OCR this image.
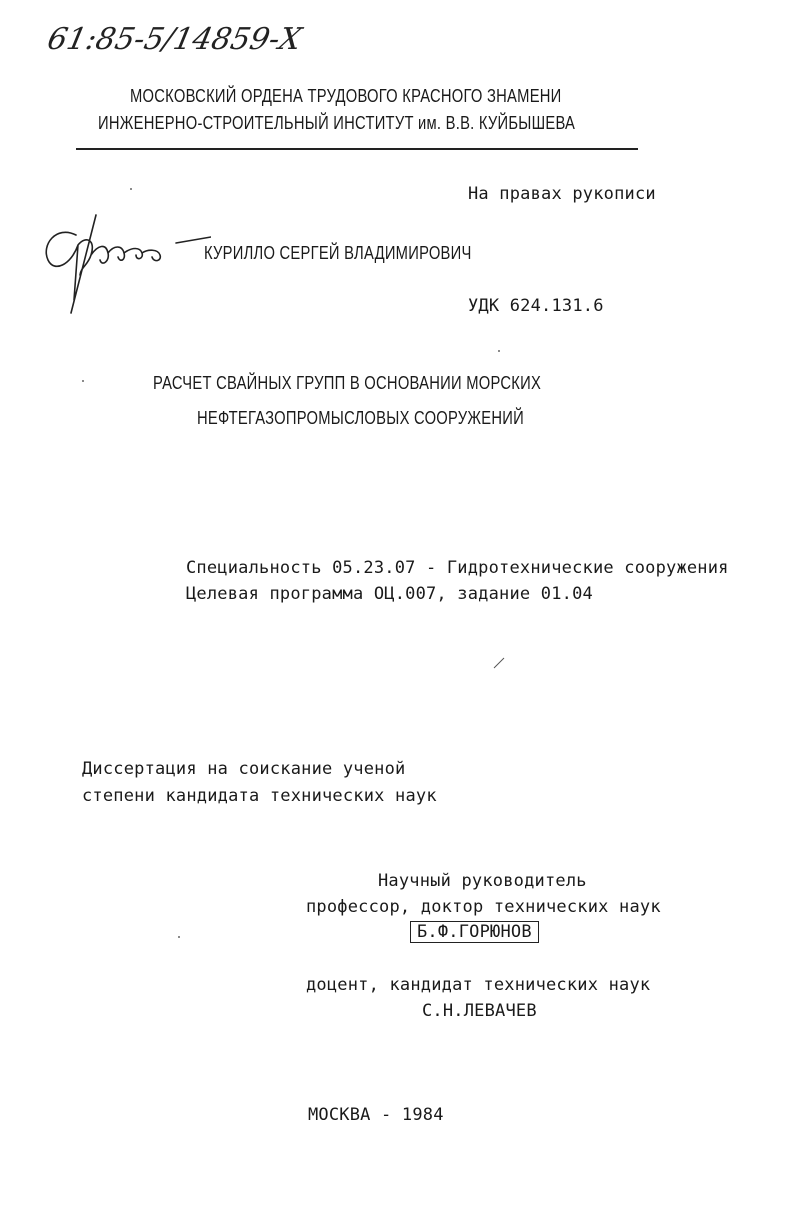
61:85-5/14859-Х
МОСКОВСКИЙ ОРДЕНА ТРУДОВОГО КРАСНОГО ЗНАМЕНИ
ИНЖЕНЕРНО-СТРОИТЕЛЬНЫЙ ИНСТИТУТ им. В.В. КУЙБЫШЕВА
На правах рукописи
КУРИЛЛО СЕРГЕЙ ВЛАДИМИРОВИЧ
УДК 624.131.6
РАСЧЕТ СВАЙНЫХ ГРУПП В ОСНОВАНИИ МОРСКИХ
НЕФТЕГАЗОПРОМЫСЛОВЫХ СООРУЖЕНИЙ
Специальность 05.23.07 - Гидротехнические сооружения
Целевая программа ОЦ.007, задание 01.04
Диссертация на соискание ученой
степени кандидата технических наук
Научный руководитель
профессор, доктор технических наук
Б.Ф.ГОРЮНОВ
доцент, кандидат технических наук
С.Н.ЛЕВАЧЕВ
МОСКВА - 1984
